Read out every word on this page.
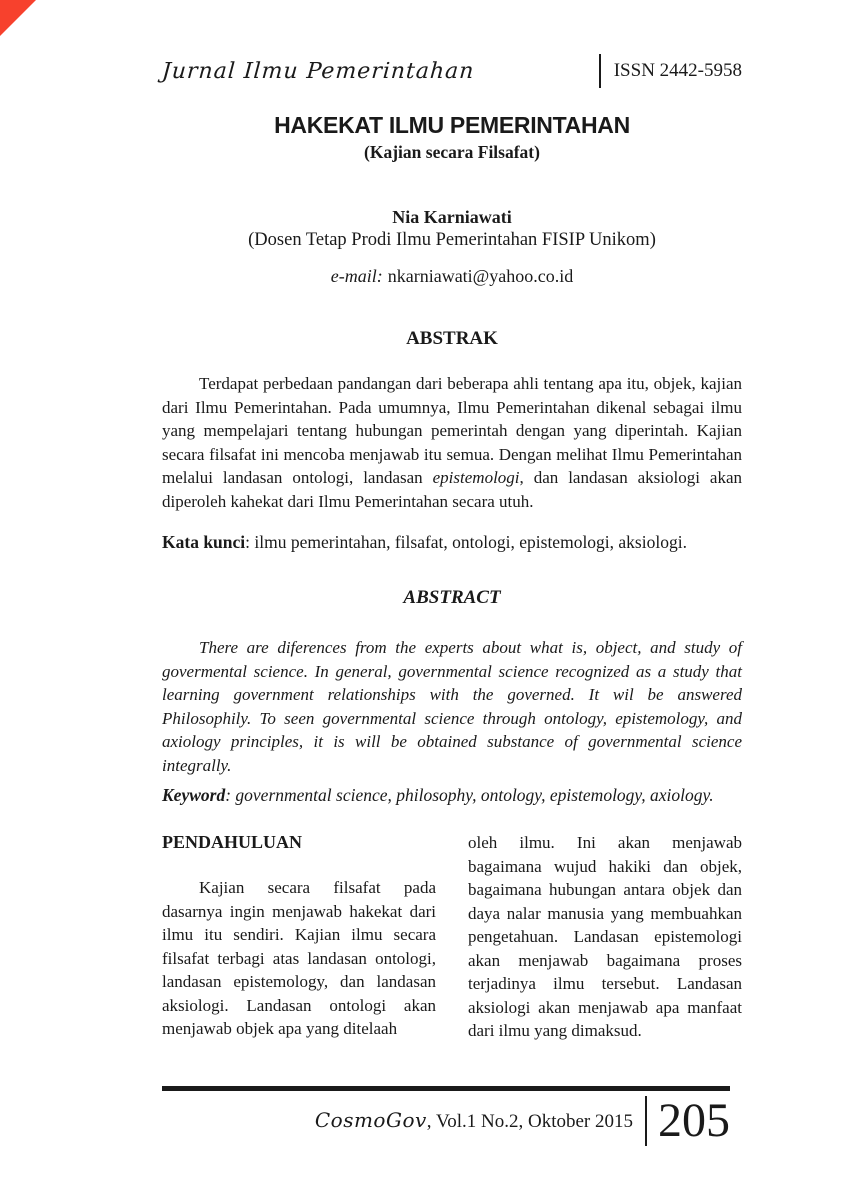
Jurnal Ilmu Pemerintahan	ISSN 2442-5958
HAKEKAT ILMU PEMERINTAHAN
(Kajian secara Filsafat)
Nia Karniawati
(Dosen Tetap Prodi Ilmu Pemerintahan FISIP Unikom)
e-mail: nkarniawati@yahoo.co.id
ABSTRAK

Terdapat perbedaan pandangan dari beberapa ahli tentang apa itu, objek, kajian dari Ilmu Pemerintahan. Pada umumnya, Ilmu Pemerintahan dikenal sebagai ilmu yang mempelajari tentang hubungan pemerintah dengan yang diperintah. Kajian secara filsafat ini mencoba menjawab itu semua. Dengan melihat Ilmu Pemerintahan melalui landasan ontologi, landasan epistemologi, dan landasan aksiologi akan diperoleh kahekat dari Ilmu Pemerintahan secara utuh.

Kata kunci: ilmu pemerintahan, filsafat, ontologi, epistemologi, aksiologi.
ABSTRACT

There are diferences from the experts about what is, object, and study of govermental science. In general, governmental science recognized as a study that learning government relationships with the governed. It wil be answered Philosophily. To seen governmental science through ontology, epistemology, and axiology principles, it is will be obtained substance of governmental science integrally.

Keyword: governmental science, philosophy, ontology, epistemology, axiology.
PENDAHULUAN

Kajian secara filsafat pada dasarnya ingin menjawab hakekat dari ilmu itu sendiri. Kajian ilmu secara filsafat terbagi atas landasan ontologi, landasan epistemology, dan landasan aksiologi. Landasan ontologi akan menjawab objek apa yang ditelaah

oleh ilmu. Ini akan menjawab bagaimana wujud hakiki dan objek, bagaimana hubungan antara objek dan daya nalar manusia yang membuahkan pengetahuan. Landasan epistemologi akan menjawab bagaimana proses terjadinya ilmu tersebut. Landasan aksiologi akan menjawab apa manfaat dari ilmu yang dimaksud.

CosmoGov, Vol.1 No.2, Oktober 2015 205
